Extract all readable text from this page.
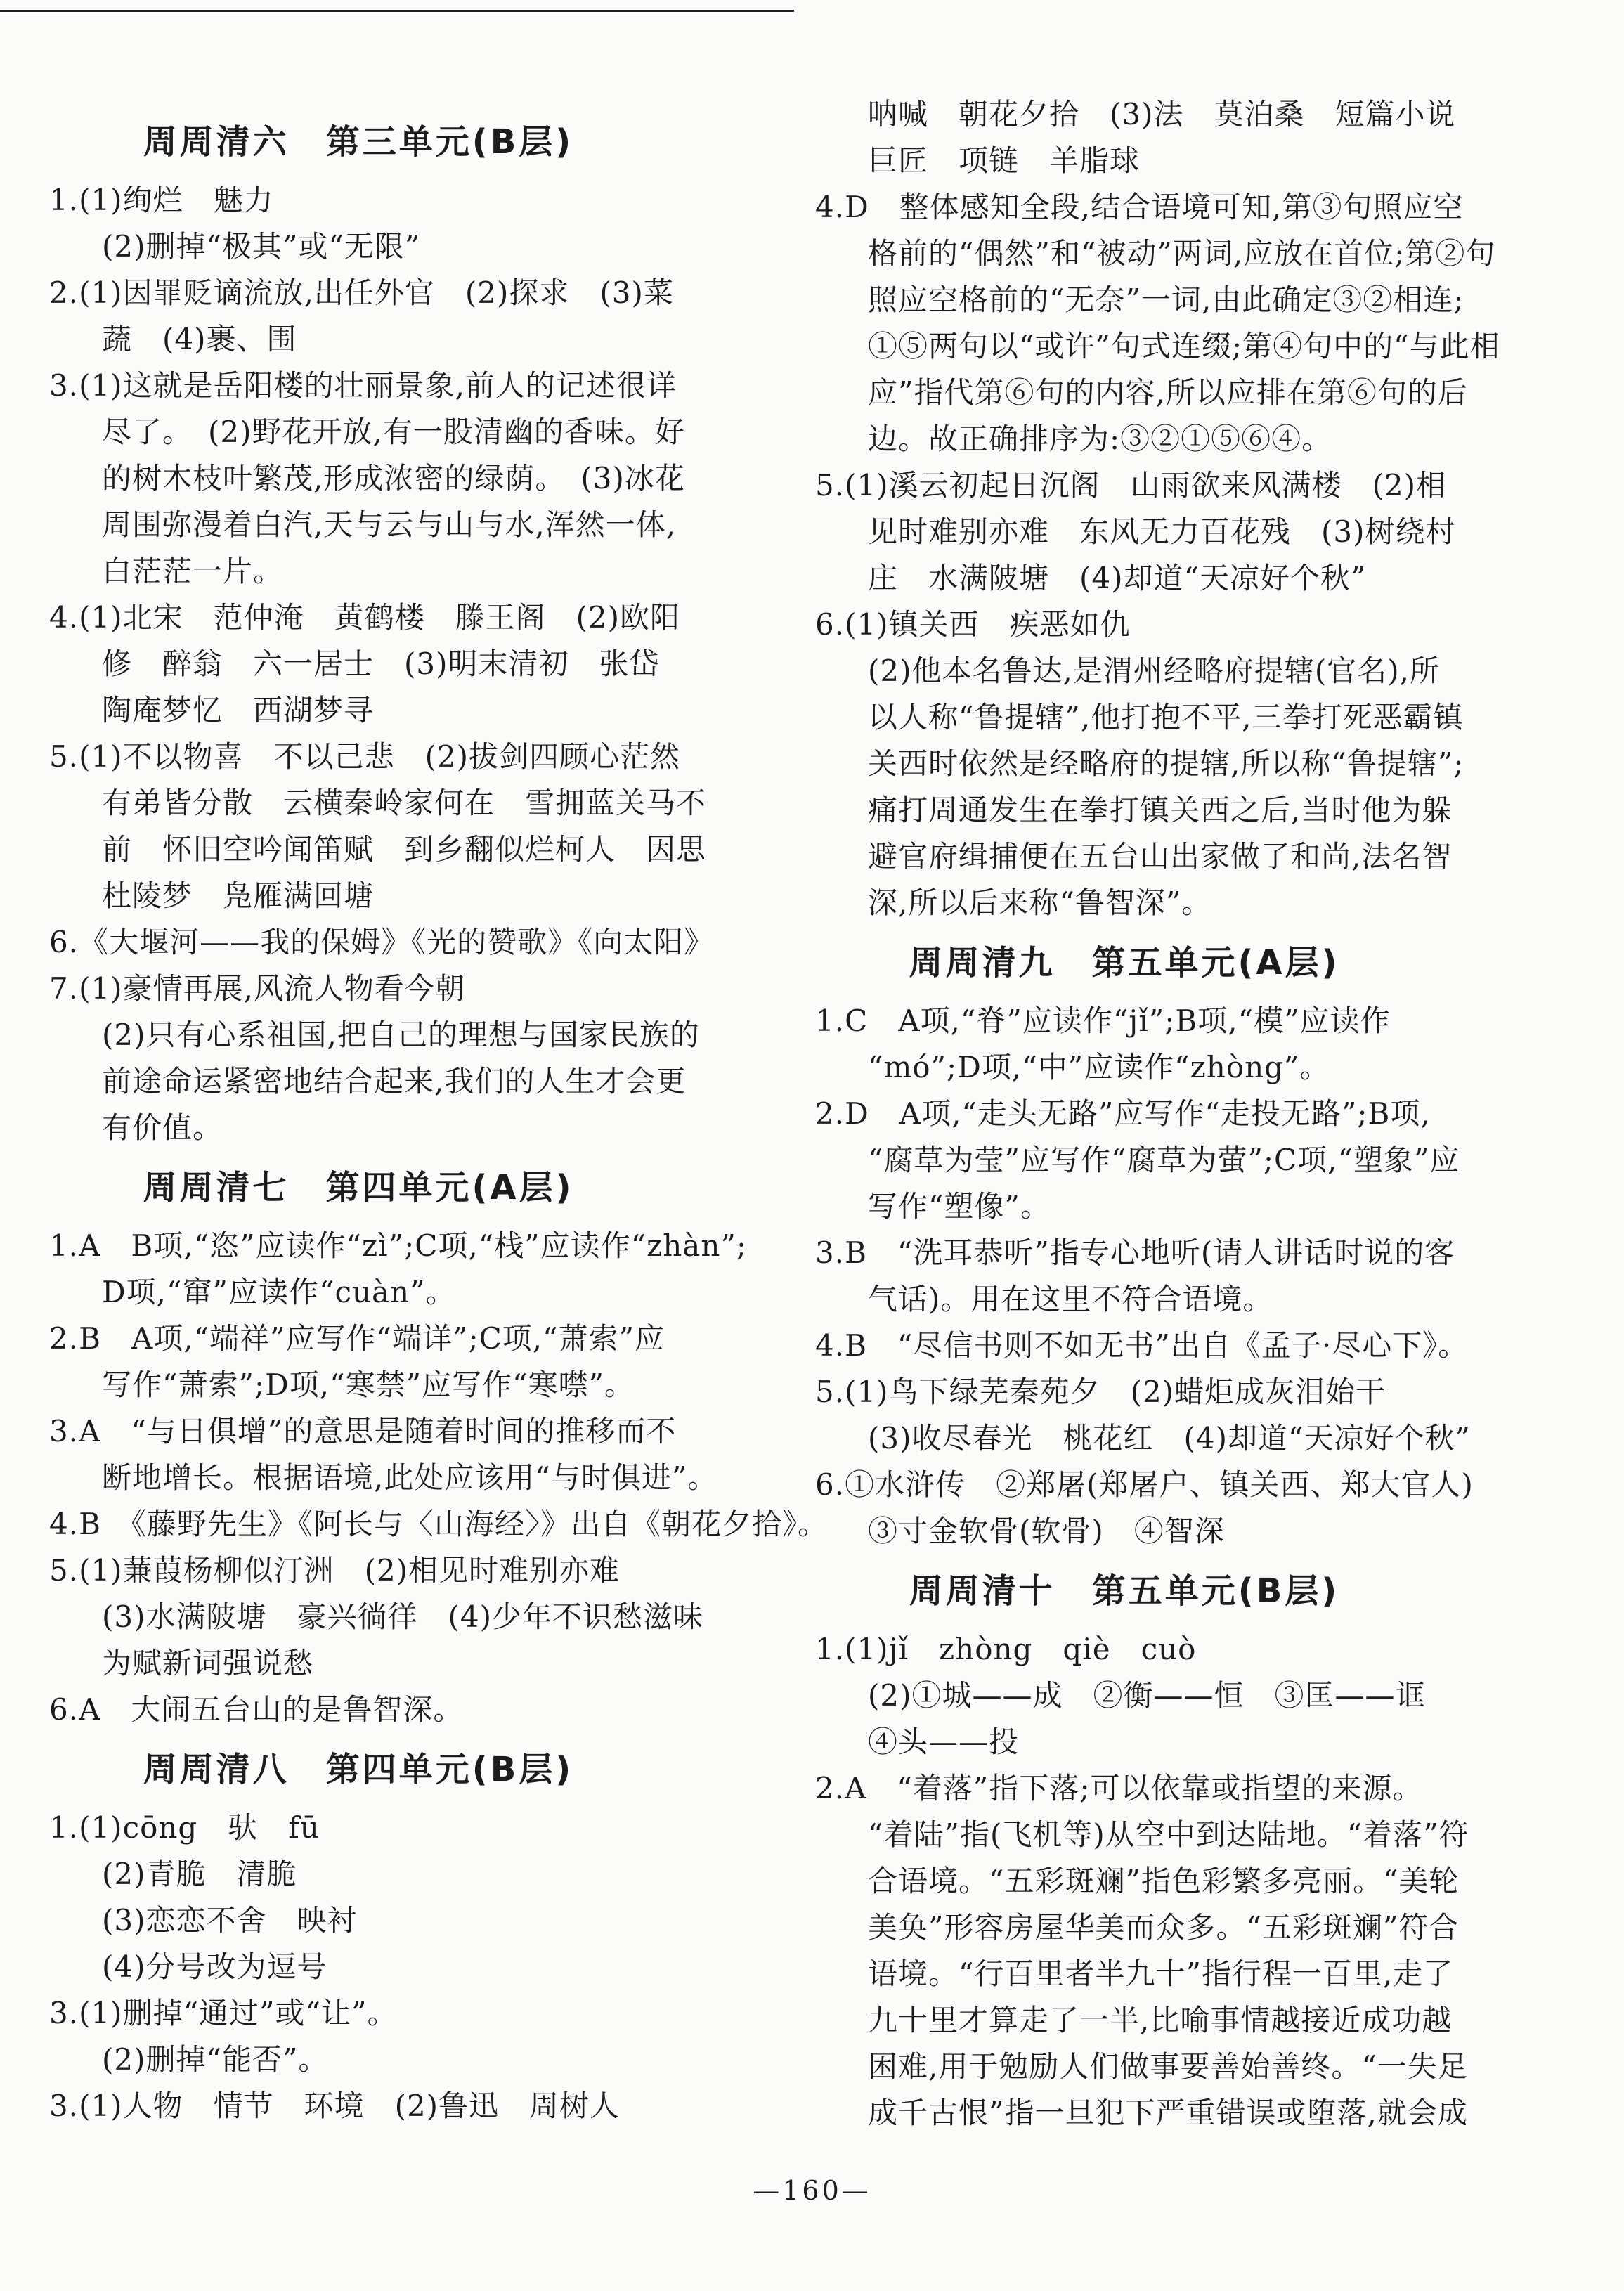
周周清六　第三单元(B层)
1.(1)绚烂　魅力
(2)删掉“极其”或“无限”
2.(1)因罪贬谪流放,出任外官　(2)探求　(3)菜
蔬　(4)裹、围
3.(1)这就是岳阳楼的壮丽景象,前人的记述很详
尽了。　(2)野花开放,有一股清幽的香味。好
的树木枝叶繁茂,形成浓密的绿荫。　(3)冰花
周围弥漫着白汽,天与云与山与水,浑然一体,
白茫茫一片。
4.(1)北宋　范仲淹　黄鹤楼　滕王阁　(2)欧阳
修　醉翁　六一居士　(3)明末清初　张岱
陶庵梦忆　西湖梦寻
5.(1)不以物喜　不以己悲　(2)拔剑四顾心茫然
有弟皆分散　云横秦岭家何在　雪拥蓝关马不
前　怀旧空吟闻笛赋　到乡翻似烂柯人　因思
杜陵梦　凫雁满回塘
6.《大堰河——我的保姆》《光的赞歌》《向太阳》
7.(1)豪情再展,风流人物看今朝
(2)只有心系祖国,把自己的理想与国家民族的
前途命运紧密地结合起来,我们的人生才会更
有价值。
周周清七　第四单元(A层)
1.A　B项,“恣”应读作“zì”;C项,“栈”应读作“zhàn”;
D项,“窜”应读作“cuàn”。
2.B　A项,“端祥”应写作“端详”;C项,“萧索”应
写作“萧索”;D项,“寒禁”应写作“寒噤”。
3.A　“与日俱增”的意思是随着时间的推移而不
断地增长。根据语境,此处应该用“与时俱进”。
4.B　《藤野先生》《阿长与〈山海经〉》出自《朝花夕拾》。
5.(1)蒹葭杨柳似汀洲　(2)相见时难别亦难
(3)水满陂塘　豪兴徜徉　(4)少年不识愁滋味
为赋新词强说愁
6.A　大闹五台山的是鲁智深。
周周清八　第四单元(B层)
1.(1)cōng　驮　fū
(2)青脆　清脆
(3)恋恋不舍　映衬
(4)分号改为逗号
3.(1)删掉“通过”或“让”。
(2)删掉“能否”。
3.(1)人物　情节　环境　(2)鲁迅　周树人
呐喊　朝花夕拾　(3)法　莫泊桑　短篇小说
巨匠　项链　羊脂球
4.D　整体感知全段,结合语境可知,第③句照应空
格前的“偶然”和“被动”两词,应放在首位;第②句
照应空格前的“无奈”一词,由此确定③②相连;
①⑤两句以“或许”句式连缀;第④句中的“与此相
应”指代第⑥句的内容,所以应排在第⑥句的后
边。故正确排序为:③②①⑤⑥④。
5.(1)溪云初起日沉阁　山雨欲来风满楼　(2)相
见时难别亦难　东风无力百花残　(3)树绕村
庄　水满陂塘　(4)却道“天凉好个秋”
6.(1)镇关西　疾恶如仇
(2)他本名鲁达,是渭州经略府提辖(官名),所
以人称“鲁提辖”,他打抱不平,三拳打死恶霸镇
关西时依然是经略府的提辖,所以称“鲁提辖”;
痛打周通发生在拳打镇关西之后,当时他为躲
避官府缉捕便在五台山出家做了和尚,法名智
深,所以后来称“鲁智深”。
周周清九　第五单元(A层)
1.C　A项,“脊”应读作“jǐ”;B项,“模”应读作
“mó”;D项,“中”应读作“zhòng”。
2.D　A项,“走头无路”应写作“走投无路”;B项,
“腐草为莹”应写作“腐草为萤”;C项,“塑象”应
写作“塑像”。
3.B　“洗耳恭听”指专心地听(请人讲话时说的客
气话)。用在这里不符合语境。
4.B　“尽信书则不如无书”出自《孟子·尽心下》。
5.(1)鸟下绿芜秦苑夕　(2)蜡炬成灰泪始干
(3)收尽春光　桃花红　(4)却道“天凉好个秋”
6.①水浒传　②郑屠(郑屠户、镇关西、郑大官人)
③寸金软骨(软骨)　④智深
周周清十　第五单元(B层)
1.(1)jǐ　zhòng　qiè　cuò
(2)①城——成　②衡——恒　③匡——诓
④头——投
2.A　“着落”指下落;可以依靠或指望的来源。
“着陆”指(飞机等)从空中到达陆地。“着落”符
合语境。“五彩斑斓”指色彩繁多亮丽。“美轮
美奂”形容房屋华美而众多。“五彩斑斓”符合
语境。“行百里者半九十”指行程一百里,走了
九十里才算走了一半,比喻事情越接近成功越
困难,用于勉励人们做事要善始善终。“一失足
成千古恨”指一旦犯下严重错误或堕落,就会成
—160—
